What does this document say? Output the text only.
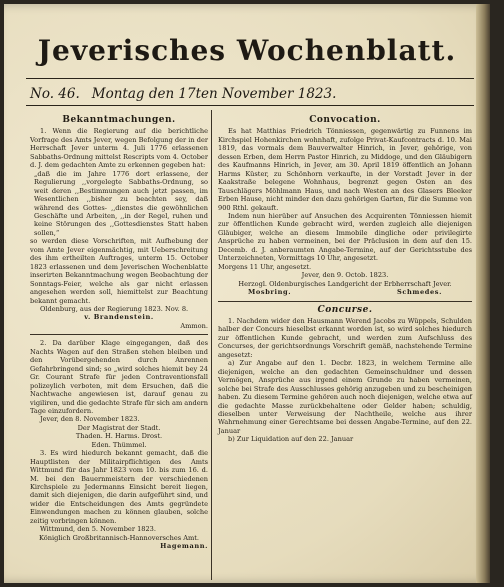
Jeverisches Wochenblatt.
No. 46. Montag den 17ten November 1823.
Bekanntmachungen.

1. Wenn die Regierung auf die berichtliche Vorfrage des Amts Jever, wegen Befolgung der in der Herrschaft Jever unterm 4. Juli 1776 erlassenen Sabbaths-Ordnung mittelst Rescripts vom 4. October d. J. dem gedachten Amte zu erkennen gegeben hat:

„daß die im Jahre 1776 dort erlassene, der Regulierung ,,vorgelegte Sabbaths-Ordnung, so weit deren ,,Bestimmungen auch jetzt passen, im Wesentlichen ,,bisher zu beachten sey, daß während des Gottes- ,,dienstes die gewöhnlichen Geschäfte und Arbeiten, ,,in der Regel, ruhen und keine Störungen des ,,Gottesdienstes Statt haben sollen,“

so werden diese Vorschriften, mit Aufhebung der vom Amte Jever eigenmächtig, mit Ueberschreitung des ihm ertheilten Auftrages, unterm 15. October 1823 erlassenen und dem Jeverischen Wochenblatte inserirten Bekanntmachung wegen Beobachtung der Sonntags-Feier, welche als gar nicht erlassen angesehen werden soll, hiemittelst zur Beachtung bekannt gemacht.

Oldenburg, aus der Regierung 1823. Nov. 8.

v. Brandenstein.

Ammon.

2. Da darüber Klage eingegangen, daß des Nachts Wagen auf den Straßen stehen bleiben und den Vorübergehenden durch Anrennen Gefahrbringend sind; so „wird solches hiemit bey 24 Gr. Courant Strafe für jeden Contraventionsfall polizeylich verboten, mit dem Ersuchen, daß die Nachtwache angewiesen ist, darauf genau zu vigiliren, und die gedachte Strafe für sich am andern Tage einzufordern.

Jever, den 8. November 1823.

Der Magistrat der Stadt.

Thaden. H. Harms. Drost.

Eden. Thümmel.

3. Es wird hiedurch bekannt gemacht, daß die Hauptlisten der Militairpflichtigen des Amts Wittmund für das Jahr 1823 vom 10. bis zum 16. d. M. bei den Bauernmeistern der verschiedenen Kirchspiele zu Jedermanns Einsicht bereit liegen, damit sich diejenigen, die darin aufgeführt sind, und wider die Entscheidungen des Amts gegründete Einwendungen machen zu können glauben, solche zeitig vorbringen können.

Wittmund, den 5. November 1823.

Königlich Großbritannisch-Hannoversches Amt.

Hagemann.

Convocation.

Es hat Matthias Friedrich Tönniessen, gegenwärtig zu Funnens im Kirchspiel Hohenkirchen wohnhaft, zufolge Privat-Kaufcontracts d. 10. Mai 1819, das vormals dem Bauverwalter Hinrich, in Jever, gehörige, von dessen Erben, dem Herrn Pastor Hinrich, zu Middoge, und den Gläubigern des Kaufmanns Hinrich, in Jever, am 30. April 1819 öffentlich an Johann Harms Küster, zu Schönhorn verkaufte, in der Vorstadt Jever in der Kaakstraße belegene Wohnhaus, begrenzt gegen Osten an des Tauschlägers Möhlmann Haus, und nach Westen an des Glasers Bleeker Erben Hause, nicht minder den dazu gehörigen Garten, für die Summe von 900 Rthl. gekauft.

Indem nun hierüber auf Ansuchen des Acquirenten Tönniessen hiemit zur öffentlichen Kunde gebracht wird, werden zugleich alle diejenigen Gläubiger, welche an diesem Immobile dingliche oder privilegirte Ansprüche zu haben vermeinen, bei der Präclusion in dem auf den 15. Decemb. d. J. anberaumten Angabe-Termine, auf der Gerichtsstube des Unterzeichneten, Vormittags 10 Uhr, angesetzt.

Morgens 11 Uhr, angesetzt.

Jever, den 9. Octob. 1823.

Herzogl. Oldenburgisches Landgericht der Erbherrschaft Jever.

Mosbring.	Schmedes.
Concurse.

1. Nachdem wider den Hausmann Werend Jacobs zu Wüppels, Schulden halber der Concurs hieselbst erkannt worden ist, so wird solches hiedurch zur öffentlichen Kunde gebracht, und werden zum Aufschluss des Concurses, der gerichtsordnungs Vorschrift gemäß, nachstehende Termine angesetzt:

a) Zur Angabe auf den 1. Decbr. 1823, in welchem Termine alle diejenigen, welche an den gedachten Gemeinschuldner und dessen Vermögen, Ansprüche aus irgend einem Grunde zu haben vermeinen, solche bei Strafe des Ausschlusses gehörig anzugeben und zu bescheinigen haben. Zu diesem Termine gehören auch noch diejenigen, welche etwa auf die gedachte Masse zurückbehaltene oder Gelder haben; schuldig, dieselben unter Verweisung der Nachtheile, welche aus ihrer Wahrnehmung einer Gerechtsame bei dessen Angabe-Termine, auf den 22. Januar

b) Zur Liquidation auf den 22. Januar
